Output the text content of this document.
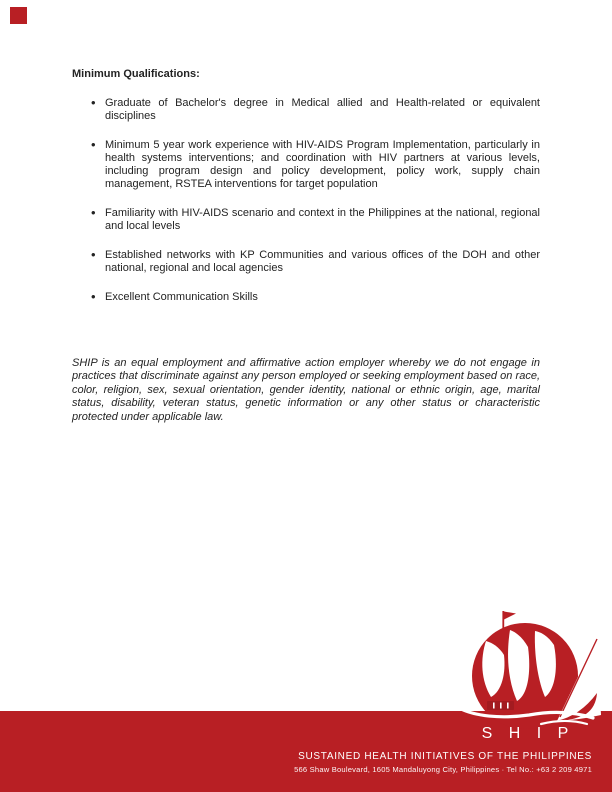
Minimum Qualifications:
• Graduate of Bachelor's degree in Medical allied and Health-related or equivalent disciplines
• Minimum 5 year work experience with HIV-AIDS Program Implementation, particularly in health systems interventions; and coordination with HIV partners at various levels, including program design and policy development, policy work, supply chain management, RSTEA interventions for target population
• Familiarity with HIV-AIDS scenario and context in the Philippines at the national, regional and local levels
• Established networks with KP Communities and various offices of the DOH and other national, regional and local agencies
• Excellent Communication Skills

SHIP is an equal employment and affirmative action employer whereby we do not engage in practices that discriminate against any person employed or seeking employment based on race, color, religion, sex, sexual orientation, gender identity, national or ethnic origin, age, marital status, disability, veteran status, genetic information or any other status or characteristic protected under applicable law.

S H I P
SUSTAINED HEALTH INITIATIVES OF THE PHILIPPINES
566 Shaw Boulevard, 1605 Mandaluyong City, Philippines · Tel No.: +63 2 209 4971
